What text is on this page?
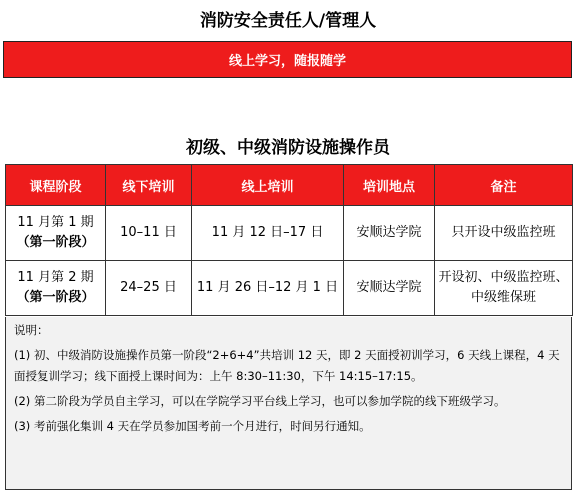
消防安全责任人/管理人
线上学习，随报随学
初级、中级消防设施操作员
课程阶段	线下培训	线上培训	培训地点	备注

11 月第 1 期
（第一阶段）	10–11 日	11 月 12 日–17 日	安顺达学院	只开设中级监控班

11 月第 2 期
（第一阶段）	24–25 日	11 月 26 日–12 月 1 日	安顺达学院	开设初、中级监控班、中级维保班

说明：

(1) 初、中级消防设施操作员第一阶段“2+6+4”共培训 12 天，即 2 天面授初训学习，6 天线上课程，4 天面授复训学习；线下面授上课时间为：上午 8:30–11:30，下午 14:15–17:15。

(2) 第二阶段为学员自主学习，可以在学院学习平台线上学习，也可以参加学院的线下班级学习。

(3) 考前强化集训 4 天在学员参加国考前一个月进行，时间另行通知。
